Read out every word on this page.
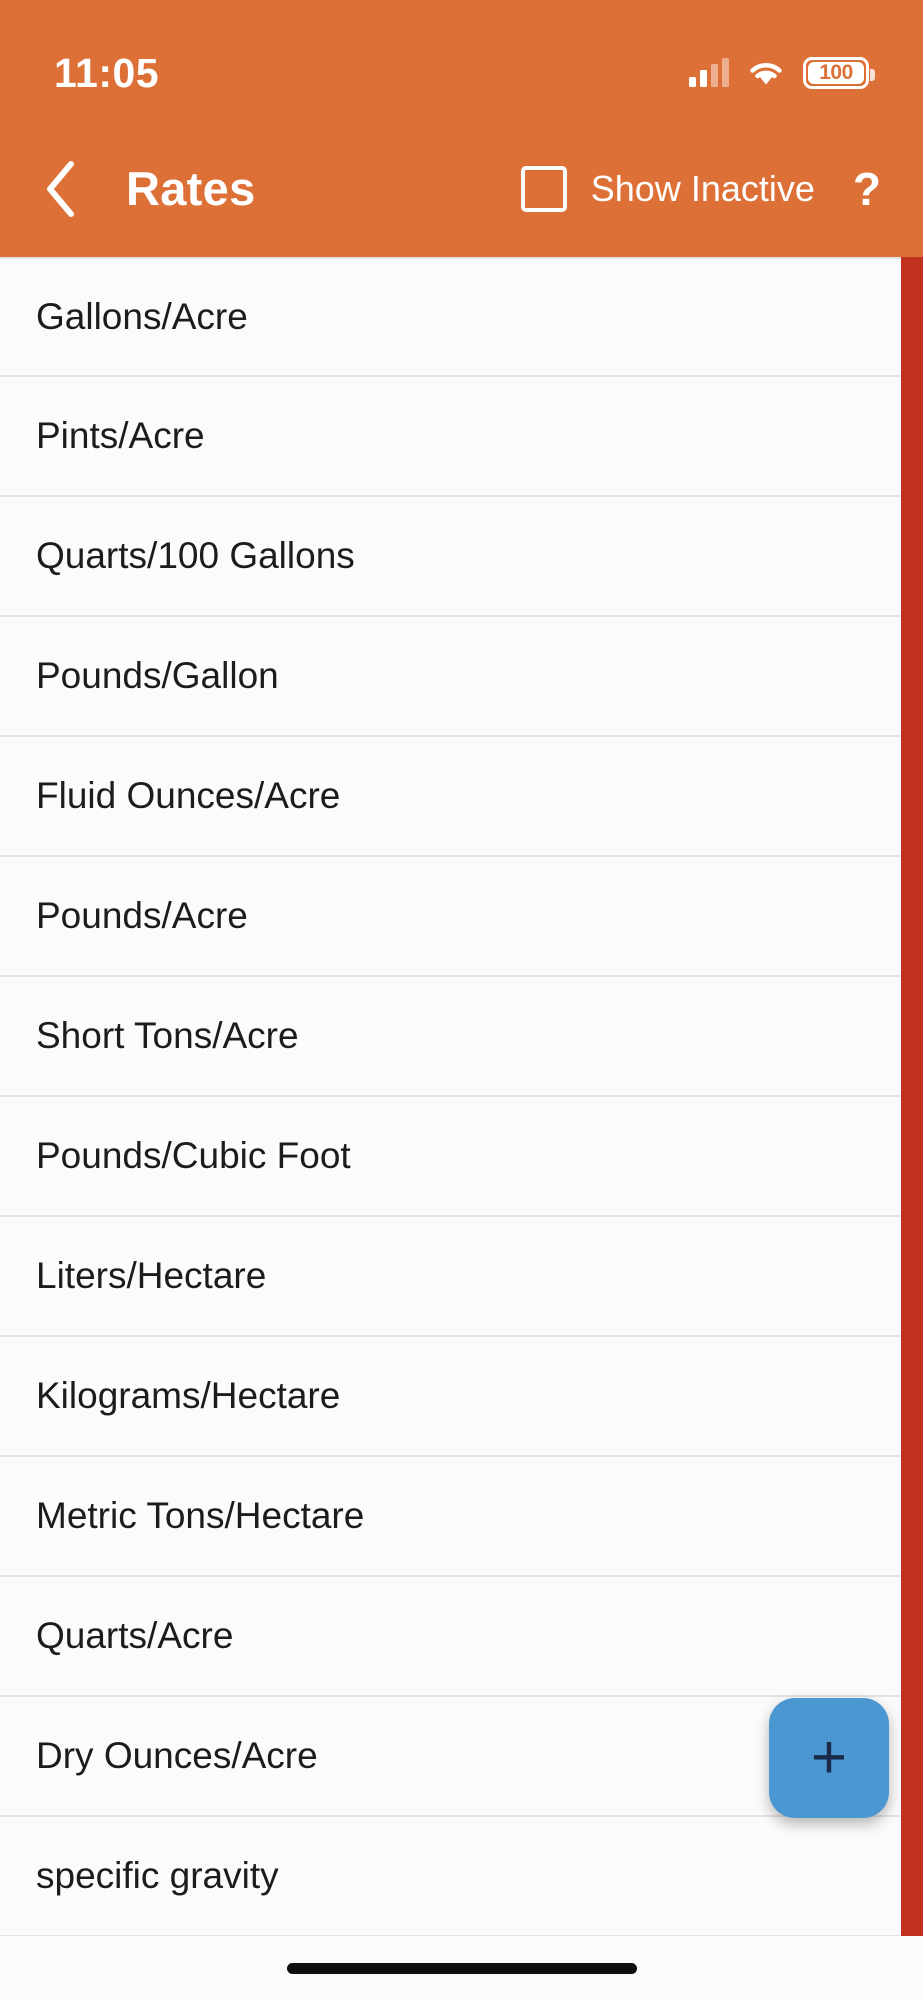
11:05	100
Rates	Show Inactive ?
Gallons/Acre
Pints/Acre
Quarts/100 Gallons
Pounds/Gallon
Fluid Ounces/Acre
Pounds/Acre
Short Tons/Acre
Pounds/Cubic Foot
Liters/Hectare
Kilograms/Hectare
Metric Tons/Hectare
Quarts/Acre
Dry Ounces/Acre
specific gravity
+
